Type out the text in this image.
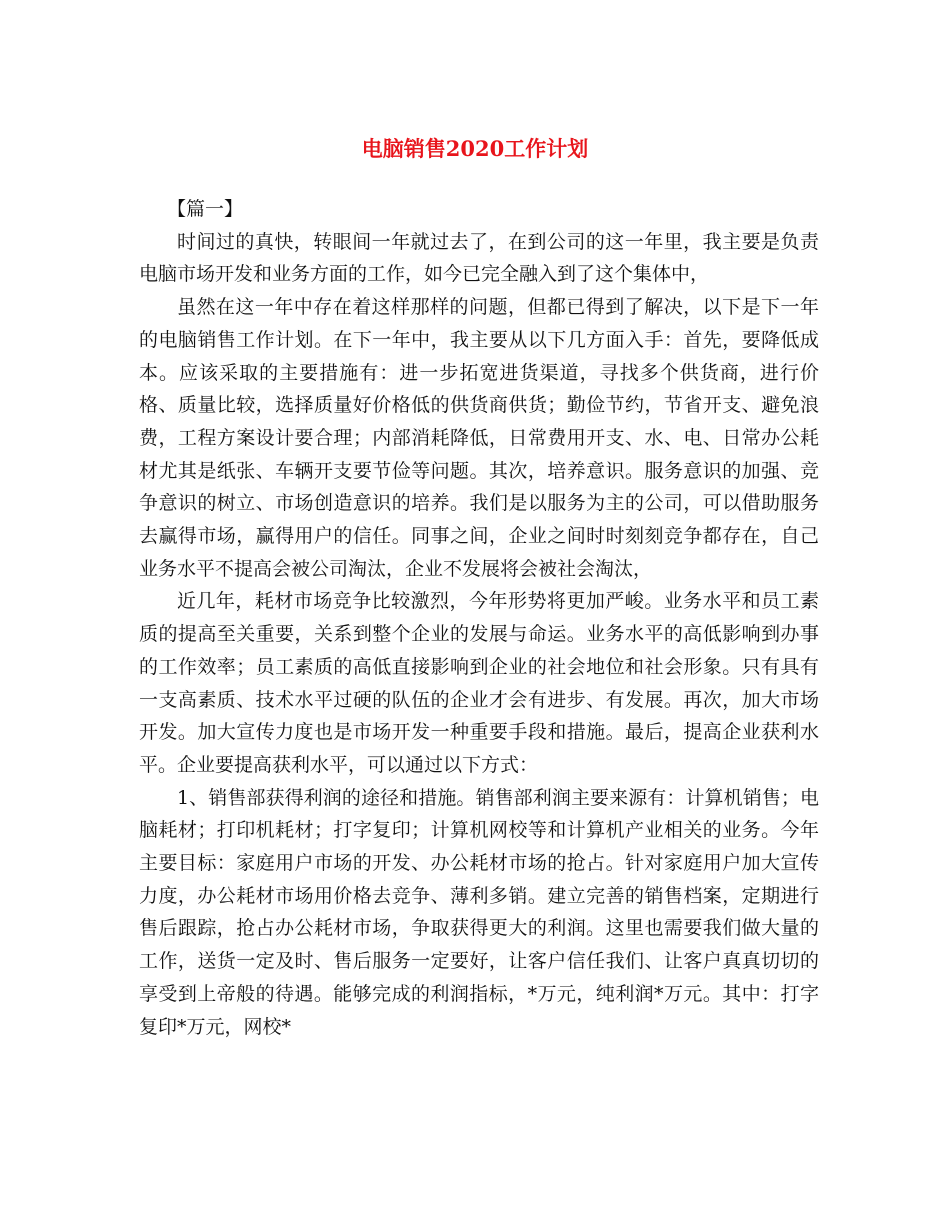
电脑销售2020工作计划

【篇一】

时间过的真快，转眼间一年就过去了，在到公司的这一年里，我主要是负责电脑市场开发和业务方面的工作，如今已完全融入到了这个集体中，

虽然在这一年中存在着这样那样的问题，但都已得到了解决，以下是下一年的电脑销售工作计划。在下一年中，我主要从以下几方面入手：首先，要降低成本。应该采取的主要措施有：进一步拓宽进货渠道，寻找多个供货商，进行价格、质量比较，选择质量好价格低的供货商供货；勤俭节约，节省开支、避免浪费，工程方案设计要合理；内部消耗降低，日常费用开支、水、电、日常办公耗材尤其是纸张、车辆开支要节俭等问题。其次，培养意识。服务意识的加强、竞争意识的树立、市场创造意识的培养。我们是以服务为主的公司，可以借助服务去赢得市场，赢得用户的信任。同事之间，企业之间时时刻刻竞争都存在，自己业务水平不提高会被公司淘汰，企业不发展将会被社会淘汰，

近几年，耗材市场竞争比较激烈，今年形势将更加严峻。业务水平和员工素质的提高至关重要，关系到整个企业的发展与命运。业务水平的高低影响到办事的工作效率；员工素质的高低直接影响到企业的社会地位和社会形象。只有具有一支高素质、技术水平过硬的队伍的企业才会有进步、有发展。再次，加大市场开发。加大宣传力度也是市场开发一种重要手段和措施。最后，提高企业获利水平。企业要提高获利水平，可以通过以下方式：

1、销售部获得利润的途径和措施。销售部利润主要来源有：计算机销售；电脑耗材；打印机耗材；打字复印；计算机网校等和计算机产业相关的业务。今年主要目标：家庭用户市场的开发、办公耗材市场的抢占。针对家庭用户加大宣传力度，办公耗材市场用价格去竞争、薄利多销。建立完善的销售档案，定期进行售后跟踪，抢占办公耗材市场，争取获得更大的利润。这里也需要我们做大量的工作，送货一定及时、售后服务一定要好，让客户信任我们、让客户真真切切的享受到上帝般的待遇。能够完成的利润指标，*万元，纯利润*万元。其中：打字复印*万元，网校*
